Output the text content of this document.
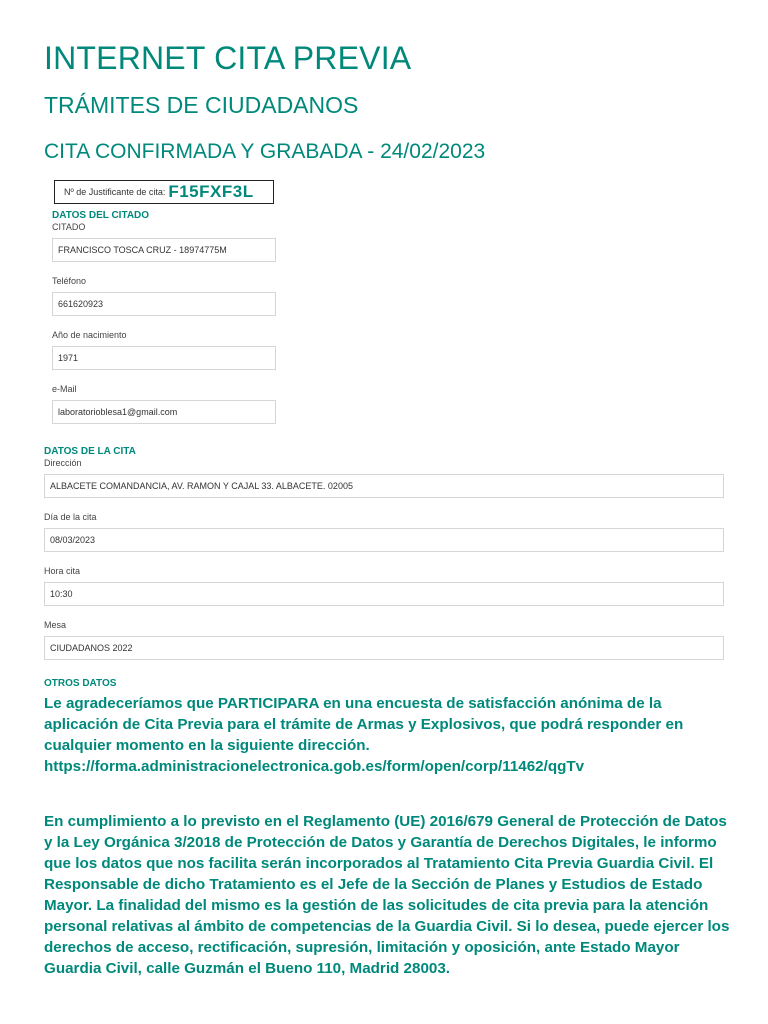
INTERNET CITA PREVIA
TRÁMITES DE CIUDADANOS
CITA CONFIRMADA Y GRABADA - 24/02/2023
Nº de Justificante de cita: F15FXF3L
DATOS DEL CITADO
CITADO
FRANCISCO TOSCA CRUZ - 18974775M
Teléfono
661620923
Año de nacimiento
1971
e-Mail
laboratorioblesa1@gmail.com
DATOS DE LA CITA
Dirección
ALBACETE COMANDANCIA, AV. RAMON Y CAJAL 33. ALBACETE. 02005
Día de la cita
08/03/2023
Hora cita
10:30
Mesa
CIUDADANOS 2022
OTROS DATOS

Le agradeceríamos que PARTICIPARA en una encuesta de satisfacción anónima de la aplicación de Cita Previa para el trámite de Armas y Explosivos, que podrá responder en cualquier momento en la siguiente dirección.

https://forma.administracionelectronica.gob.es/form/open/corp/11462/qgTv

En cumplimiento a lo previsto en el Reglamento (UE) 2016/679 General de Protección de Datos y la Ley Orgánica 3/2018 de Protección de Datos y Garantía de Derechos Digitales, le informo que los datos que nos facilita serán incorporados al Tratamiento Cita Previa Guardia Civil. El Responsable de dicho Tratamiento es el Jefe de la Sección de Planes y Estudios de Estado Mayor. La finalidad del mismo es la gestión de las solicitudes de cita previa para la atención personal relativas al ámbito de competencias de la Guardia Civil. Si lo desea, puede ejercer los derechos de acceso, rectificación, supresión, limitación y oposición, ante Estado Mayor Guardia Civil, calle Guzmán el Bueno 110, Madrid 28003.
